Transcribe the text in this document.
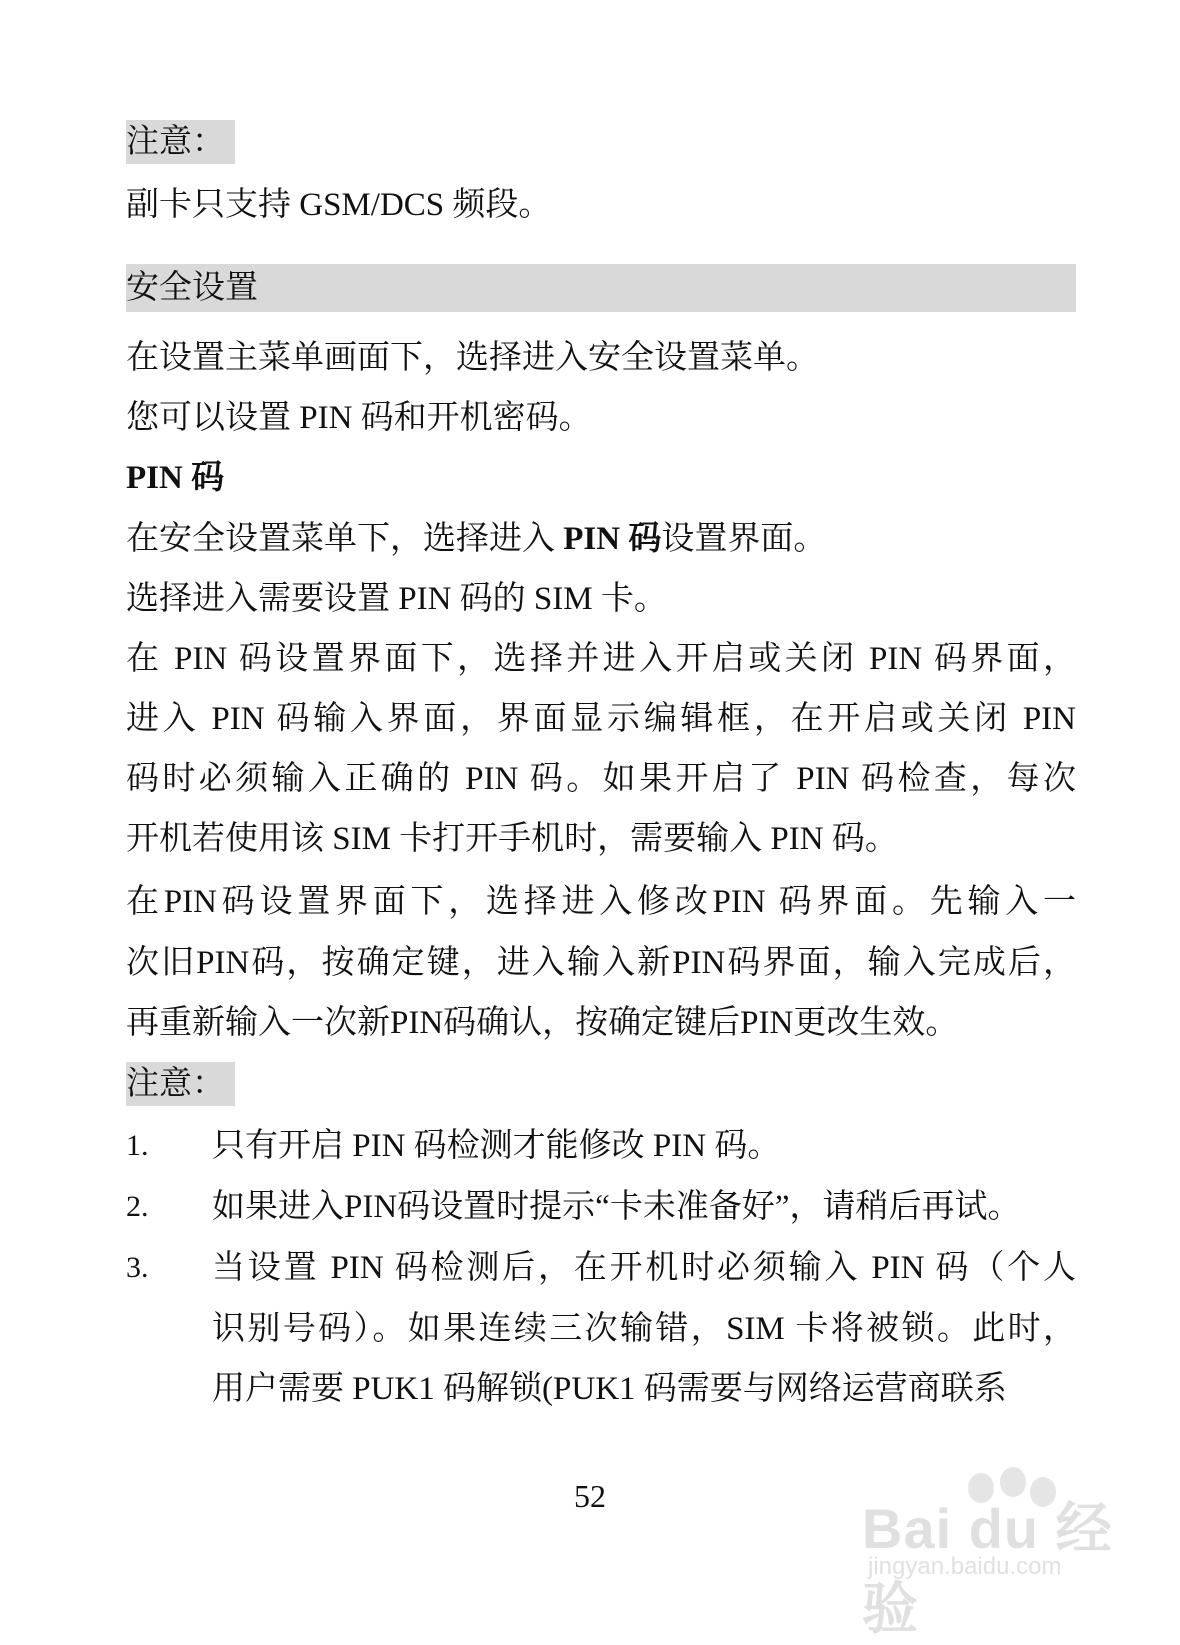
注意：
副卡只支持 GSM/DCS 频段。
安全设置
在设置主菜单画面下，选择进入安全设置菜单。
您可以设置 PIN 码和开机密码。
PIN 码
在安全设置菜单下，选择进入 PIN 码设置界面。
选择进入需要设置 PIN 码的 SIM 卡。
在 PIN 码设置界面下，选择并进入开启或关闭 PIN 码界面，
进入 PIN 码输入界面，界面显示编辑框，在开启或关闭 PIN
码时必须输入正确的 PIN 码。如果开启了 PIN 码检查，每次
开机若使用该 SIM 卡打开手机时，需要输入 PIN 码。
在PIN码设置界面下，选择进入修改PIN 码界面。先输入一
次旧PIN码，按确定键，进入输入新PIN码界面，输入完成后，
再重新输入一次新PIN码确认，按确定键后PIN更改生效。
注意：
1. 只有开启 PIN 码检测才能修改 PIN 码。
2. 如果进入PIN码设置时提示“卡未准备好”，请稍后再试。
3. 当设置 PIN 码检测后，在开机时必须输入 PIN 码（个人
识别号码）。如果连续三次输错，SIM 卡将被锁。此时，
用户需要 PUK1 码解锁(PUK1 码需要与网络运营商联系
52
Bai du 经验
jingyan.baidu.com
